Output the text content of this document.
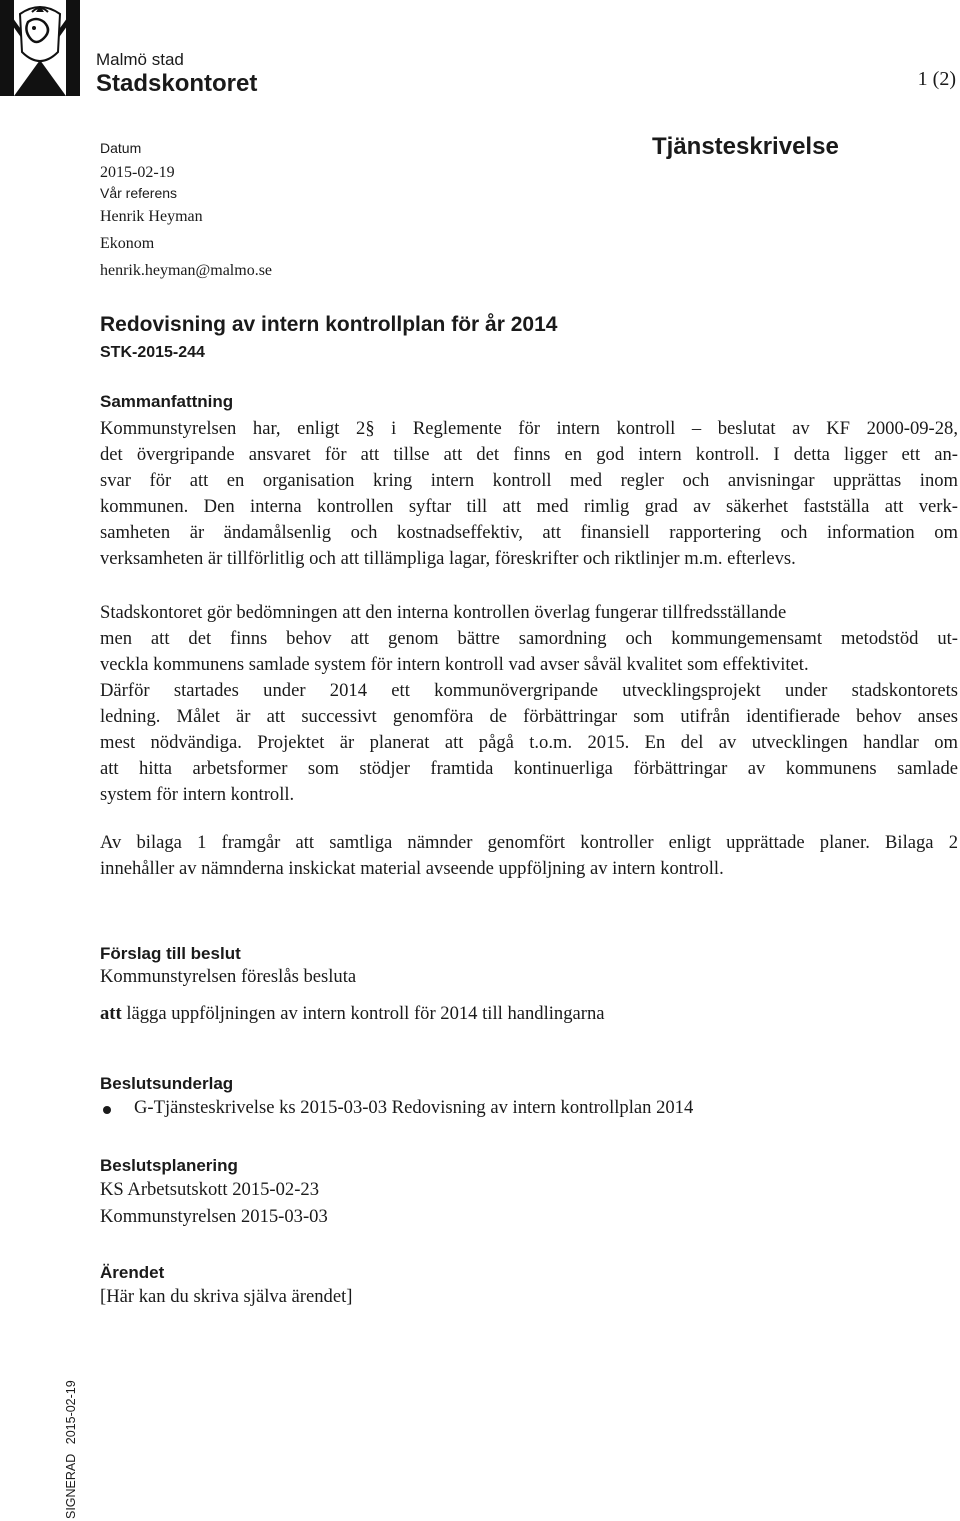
Malmö stad
Stadskontoret	1 (2)
Datum
2015-02-19
Vår referens
Henrik Heyman
Ekonom
henrik.heyman@malmo.se
Tjänsteskrivelse
Redovisning av intern kontrollplan för år 2014
STK-2015-244
Sammanfattning
Kommunstyrelsen har, enligt 2§ i Reglemente för intern kontroll – beslutat av KF 2000-09-28,
det övergripande ansvaret för att tillse att det finns en god intern kontroll. I detta ligger ett an-
svar för att en organisation kring intern kontroll med regler och anvisningar upprättas inom
kommunen. Den interna kontrollen syftar till att med rimlig grad av säkerhet fastställa att verk-
samheten är ändamålsenlig och kostnadseffektiv, att finansiell rapportering och information om
verksamheten är tillförlitlig och att tillämpliga lagar, föreskrifter och riktlinjer m.m. efterlevs.
Stadskontoret gör bedömningen att den interna kontrollen överlag fungerar tillfredsställande
men att det finns behov att genom bättre samordning och kommungemensamt metodstöd ut-
veckla kommunens samlade system för intern kontroll vad avser såväl kvalitet som effektivitet.
Därför startades under 2014 ett kommunövergripande utvecklingsprojekt under stadskontorets
ledning. Målet är att successivt genomföra de förbättringar som utifrån identifierade behov anses
mest nödvändiga. Projektet är planerat att pågå t.o.m. 2015. En del av utvecklingen handlar om
att hitta arbetsformer som stödjer framtida kontinuerliga förbättringar av kommunens samlade
system för intern kontroll.
Av bilaga 1 framgår att samtliga nämnder genomfört kontroller enligt upprättade planer. Bilaga 2
innehåller av nämnderna inskickat material avseende uppföljning av intern kontroll.
Förslag till beslut
Kommunstyrelsen föreslås besluta
att lägga uppföljningen av intern kontroll för 2014 till handlingarna
Beslutsunderlag
G-Tjänsteskrivelse ks 2015-03-03 Redovisning av intern kontrollplan 2014
Beslutsplanering
KS Arbetsutskott 2015-02-23
Kommunstyrelsen 2015-03-03
Ärendet
[Här kan du skriva själva ärendet]
SIGNERAD 2015-02-19
